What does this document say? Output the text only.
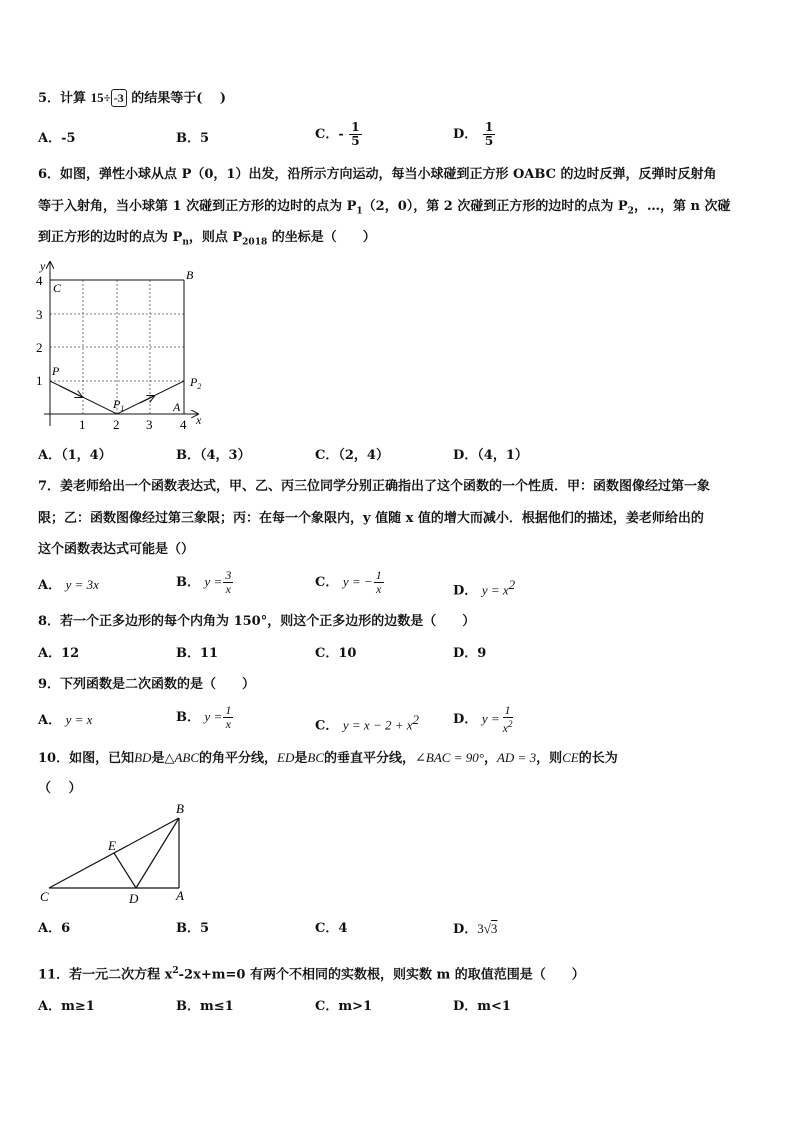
5．计算 15÷ -3 的结果等于(　 )
A．-5	B．5	C．- $\frac{1}{5}$	D． $\frac{1}{5}$
6．如图，弹性小球从点 P（0，1）出发，沿所示方向运动，每当小球碰到正方形 OABC 的边时反弹，反弹时反射角
等于入射角，当小球第 1 次碰到正方形的边时的点为 $P_1(2$，0），第 2 次碰到正方形的边时的点为 $P_2$，…，第 n 次碰
到正方形的边时的点为 $P_n$，则点 $P_{2018}$ 的坐标是（　　）
y
x
4
3
2
1
1 2 3 4
C
B
P
$P_1$
$P_2$
A
A．（1，4）	B．（4，3）	C．（2，4）	D．（4，1）
7．姜老师给出一个函数表达式，甲、乙、丙三位同学分别正确指出了这个函数的一个性质．甲：函数图像经过第一象
限；乙：函数图像经过第三象限；丙：在每一个象限内，y 值随 x 值的增大而减小．根据他们的描述，姜老师给出的
这个函数表达式可能是（）
A． y = 3x	B． $y = \frac{3}{x}$	C． y = − $\frac{1}{x}$	D． $y = x^2$
8．若一个正多边形的每个内角为 150°，则这个正多边形的边数是（　　）
A．12	B．11	C．10	D．9
9．下列函数是二次函数的是（　　）
A． y = x	B． $y = \frac{1}{x}$	C． $y = x - 2 + x^2$	D． $y = \frac{1}{x^2}$
10．如图，已知BD是△ABC的角平分线，ED是BC的垂直平分线，∠BAC = 90°，AD = 3，则CE的长为
（　 ）
B
E
C	D	A
A．6	B．5	C．4	D．3√3
11．若一元二次方程 $x^2-2x+m=0$ 有两个不相同的实数根，则实数 m 的取值范围是（　　）
A．m≥1	B．m≤1	C．m>1	D．m<1
